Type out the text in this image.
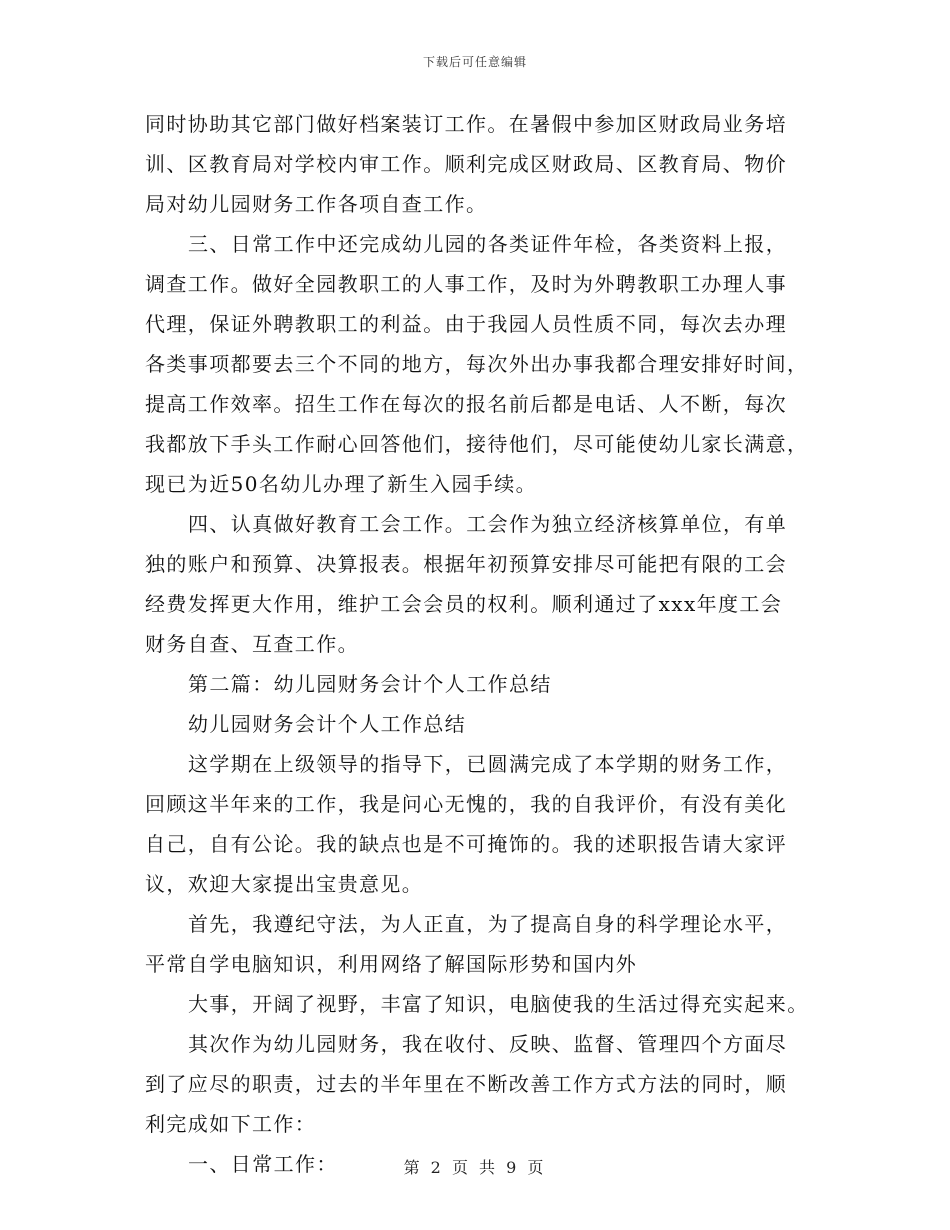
下载后可任意编辑
同时协助其它部门做好档案装订工作。在暑假中参加区财政局业务培
训、区教育局对学校内审工作。顺利完成区财政局、区教育局、物价
局对幼儿园财务工作各项自查工作。
三、日常工作中还完成幼儿园的各类证件年检，各类资料上报，
调查工作。做好全园教职工的人事工作，及时为外聘教职工办理人事
代理，保证外聘教职工的利益。由于我园人员性质不同，每次去办理
各类事项都要去三个不同的地方，每次外出办事我都合理安排好时间，
提高工作效率。招生工作在每次的报名前后都是电话、人不断，每次
我都放下手头工作耐心回答他们，接待他们，尽可能使幼儿家长满意，
现已为近50名幼儿办理了新生入园手续。
四、认真做好教育工会工作。工会作为独立经济核算单位，有单
独的账户和预算、决算报表。根据年初预算安排尽可能把有限的工会
经费发挥更大作用，维护工会会员的权利。顺利通过了xxx年度工会
财务自查、互查工作。
第二篇：幼儿园财务会计个人工作总结
幼儿园财务会计个人工作总结
这学期在上级领导的指导下，已圆满完成了本学期的财务工作，
回顾这半年来的工作，我是问心无愧的，我的自我评价，有没有美化
自己，自有公论。我的缺点也是不可掩饰的。我的述职报告请大家评
议，欢迎大家提出宝贵意见。
首先，我遵纪守法，为人正直，为了提高自身的科学理论水平，
平常自学电脑知识，利用网络了解国际形势和国内外
大事，开阔了视野，丰富了知识，电脑使我的生活过得充实起来。
其次作为幼儿园财务，我在收付、反映、监督、管理四个方面尽
到了应尽的职责，过去的半年里在不断改善工作方式方法的同时，顺
利完成如下工作：
一、日常工作：	第 2 页 共 9 页
